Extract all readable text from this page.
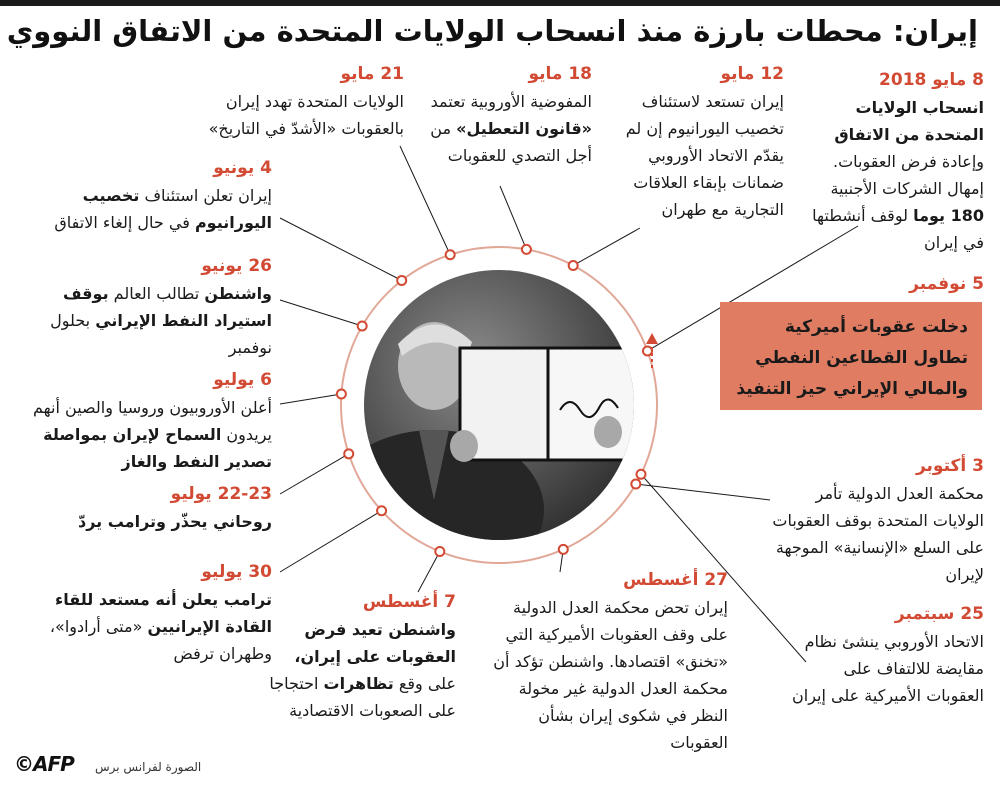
إيران: محطات بارزة منذ انسحاب الولايات المتحدة من الاتفاق النووي
8 مايو 2018
انسحاب الولايات المتحدة من الاتفاق وإعادة فرض العقوبات. إمهال الشركات الأجنبية 180 يوما لوقف أنشطتها في إيران
12 مايو
إيران تستعد لاستئناف تخصيب اليورانيوم إن لم يقدّم الاتحاد الأوروبي ضمانات بإبقاء العلاقات التجارية مع طهران
18 مايو
المفوضية الأوروبية تعتمد «قانون التعطيل» من أجل التصدي للعقوبات
21 مايو
الولايات المتحدة تهدد إيران بالعقوبات «الأشدّ في التاريخ»
4 يونيو
إيران تعلن استئناف تخصيب اليورانيوم في حال إلغاء الاتفاق
26 يونيو
واشنطن تطالب العالم بوقف استيراد النفط الإيراني بحلول نوفمبر
6 يوليو
أعلن الأوروبيون وروسيا والصين أنهم يريدون السماح لإيران بمواصلة تصدير النفط والغاز
22-23 يوليو
روحاني يحذّر وترامب يردّ
30 يوليو
ترامب يعلن أنه مستعد للقاء القادة الإيرانيين «متى أرادوا»، وطهران ترفض
7 أغسطس
واشنطن تعيد فرض العقوبات على إيران، على وقع تظاهرات احتجاجا على الصعوبات الاقتصادية
27 أغسطس
إيران تحض محكمة العدل الدولية على وقف العقوبات الأميركية التي «تخنق» اقتصادها. واشنطن تؤكد أن محكمة العدل الدولية غير مخولة النظر في شكوى إيران بشأن العقوبات
25 سبتمبر
الاتحاد الأوروبي ينشئ نظام مقايضة للالتفاف على العقوبات الأميركية على إيران
3 أكتوبر
محكمة العدل الدولية تأمر الولايات المتحدة بوقف العقوبات على السلع «الإنسانية» الموجهة لإيران
5 نوفمبر
دخلت عقوبات أميركية تطاول القطاعين النفطي والمالي الإيراني حيز التنفيذ
الصورة لفرانس برس
©AFP
